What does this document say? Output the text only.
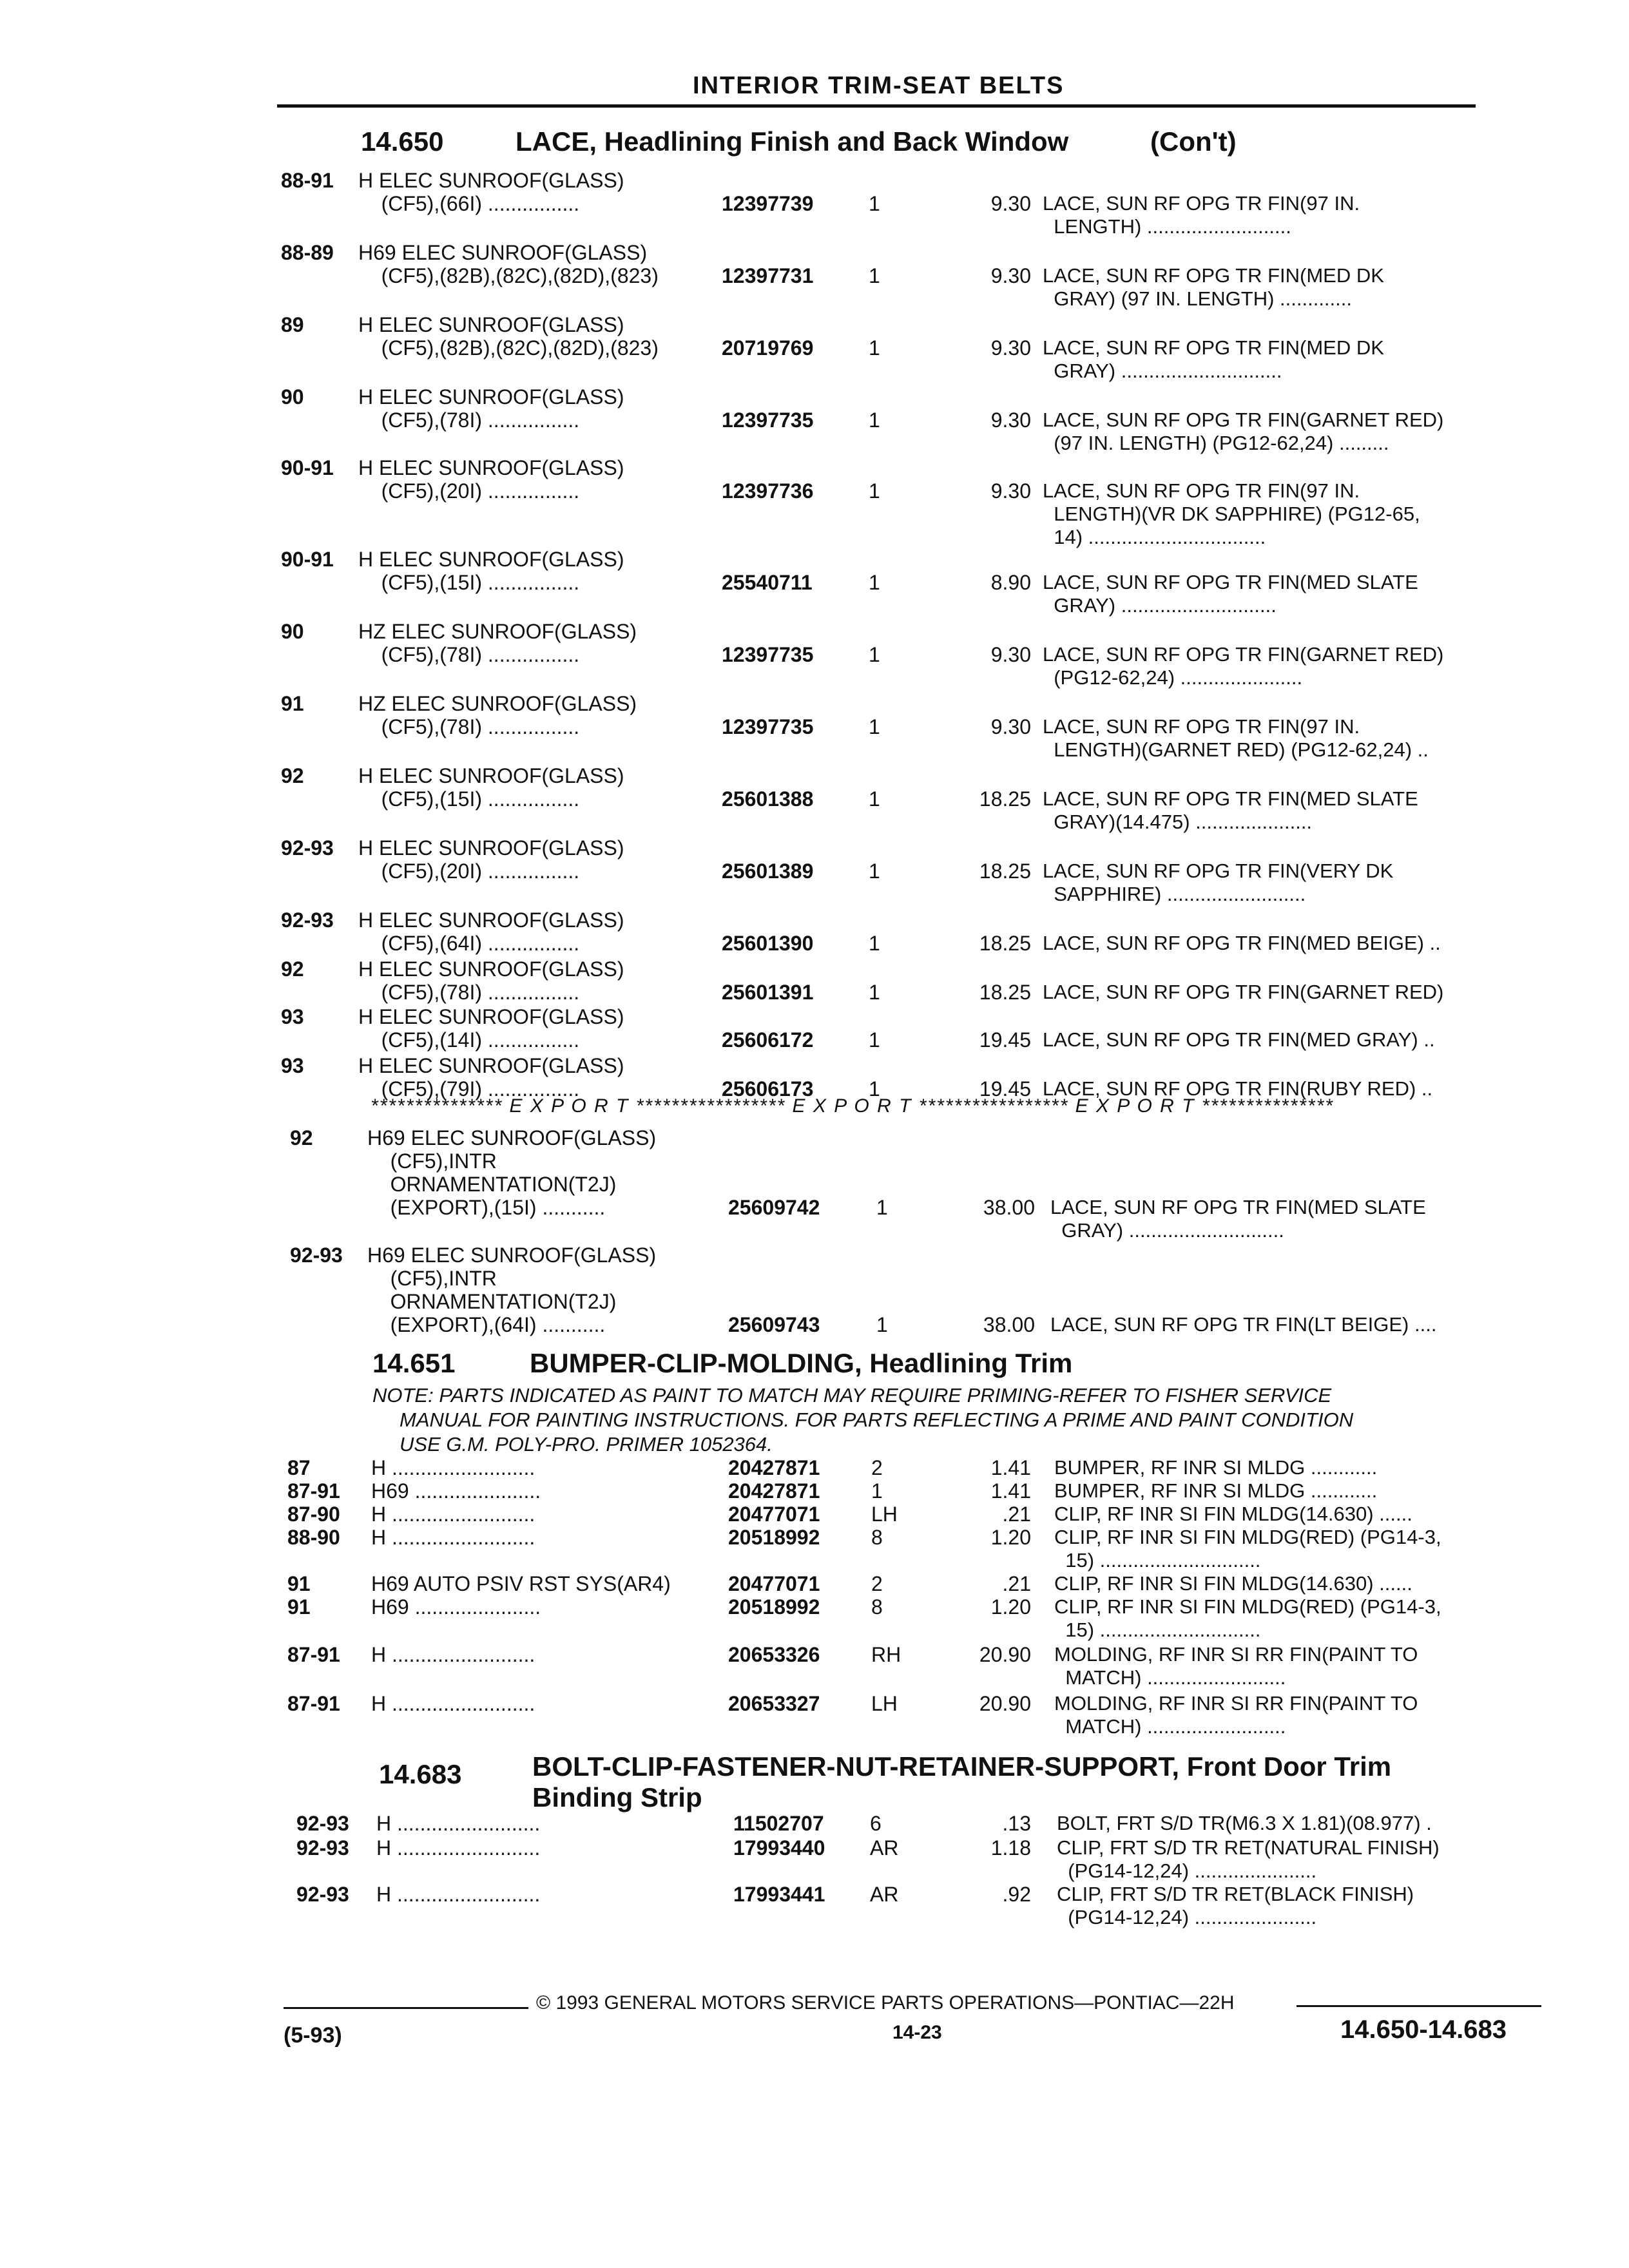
INTERIOR TRIM-SEAT BELTS
14.650	LACE, Headlining Finish and Back Window	(Con't)
88-91 H ELEC SUNROOF(GLASS)
(CF5),(66I) ................	12397739	1	9.30 LACE, SUN RF OPG TR FIN(97 IN.
LENGTH) ..........................
88-89 H69 ELEC SUNROOF(GLASS)
(CF5),(82B),(82C),(82D),(823)	12397731	1	9.30 LACE, SUN RF OPG TR FIN(MED DK
GRAY) (97 IN. LENGTH) .............
89	H ELEC SUNROOF(GLASS)
(CF5),(82B),(82C),(82D),(823)	20719769	1	9.30 LACE, SUN RF OPG TR FIN(MED DK
GRAY) .............................
90	H ELEC SUNROOF(GLASS)
(CF5),(78I) ................	12397735	1	9.30 LACE, SUN RF OPG TR FIN(GARNET RED)
(97 IN. LENGTH) (PG12-62,24) .........
90-91 H ELEC SUNROOF(GLASS)
(CF5),(20I) ................	12397736	1	9.30 LACE, SUN RF OPG TR FIN(97 IN.
LENGTH)(VR DK SAPPHIRE) (PG12-65,
14) ................................
90-91 H ELEC SUNROOF(GLASS)
(CF5),(15I) ................	25540711	1	8.90 LACE, SUN RF OPG TR FIN(MED SLATE
GRAY) ............................
90	HZ ELEC SUNROOF(GLASS)
(CF5),(78I) ................	12397735	1	9.30 LACE, SUN RF OPG TR FIN(GARNET RED)
(PG12-62,24) ......................
91	HZ ELEC SUNROOF(GLASS)
(CF5),(78I) ................	12397735	1	9.30 LACE, SUN RF OPG TR FIN(97 IN.
LENGTH)(GARNET RED) (PG12-62,24) ..
92	H ELEC SUNROOF(GLASS)
(CF5),(15I) ................	25601388	1	18.25 LACE, SUN RF OPG TR FIN(MED SLATE
GRAY)(14.475) .....................
92-93 H ELEC SUNROOF(GLASS)
(CF5),(20I) ................	25601389	1	18.25 LACE, SUN RF OPG TR FIN(VERY DK
SAPPHIRE) .........................
92-93 H ELEC SUNROOF(GLASS)
(CF5),(64I) ................	25601390	1	18.25 LACE, SUN RF OPG TR FIN(MED BEIGE) ..
92	H ELEC SUNROOF(GLASS)
(CF5),(78I) ................	25601391	1	18.25 LACE, SUN RF OPG TR FIN(GARNET RED)
93	H ELEC SUNROOF(GLASS)
(CF5),(14I) ................	25606172	1	19.45 LACE, SUN RF OPG TR FIN(MED GRAY) ..
93	H ELEC SUNROOF(GLASS)
(CF5),(79I) ................	25606173	1	19.45 LACE, SUN RF OPG TR FIN(RUBY RED) ..
*************** E X P O R T ***************** E X P O R T ***************** E X P O R T ***************
92	H69 ELEC SUNROOF(GLASS)
(CF5),INTR
ORNAMENTATION(T2J)
(EXPORT),(15I) ...........	25609742	1	38.00 LACE, SUN RF OPG TR FIN(MED SLATE
GRAY) ............................
92-93 H69 ELEC SUNROOF(GLASS)
(CF5),INTR
ORNAMENTATION(T2J)
(EXPORT),(64I) ...........	25609743	1	38.00 LACE, SUN RF OPG TR FIN(LT BEIGE) ....
14.651	BUMPER-CLIP-MOLDING, Headlining Trim
NOTE: PARTS INDICATED AS PAINT TO MATCH MAY REQUIRE PRIMING-REFER TO FISHER SERVICE
MANUAL FOR PAINTING INSTRUCTIONS. FOR PARTS REFLECTING A PRIME AND PAINT CONDITION
USE G.M. POLY-PRO. PRIMER 1052364.
87	H .........................	20427871 2	1.41 BUMPER, RF INR SI MLDG ............
87-91 H69 ......................	20427871 1	1.41 BUMPER, RF INR SI MLDG ............
87-90 H .........................	20477071 LH	.21 CLIP, RF INR SI FIN MLDG(14.630) ......
88-90 H .........................	20518992 8	1.20 CLIP, RF INR SI FIN MLDG(RED) (PG14-3,
15) .............................
91	H69 AUTO PSIV RST SYS(AR4)	20477071 2	.21 CLIP, RF INR SI FIN MLDG(14.630) ......
91	H69 ......................	20518992 8	1.20 CLIP, RF INR SI FIN MLDG(RED) (PG14-3,
15) .............................
87-91 H .........................	20653326 RH	20.90 MOLDING, RF INR SI RR FIN(PAINT TO
MATCH) .........................
87-91 H .........................	20653327 LH	20.90 MOLDING, RF INR SI RR FIN(PAINT TO
MATCH) .........................
14.683	BOLT-CLIP-FASTENER-NUT-RETAINER-SUPPORT, Front Door Trim
Binding Strip
92-93 H .........................	11502707 6	.13 BOLT, FRT S/D TR(M6.3 X 1.81)(08.977) .
92-93 H .........................	17993440 AR	1.18 CLIP, FRT S/D TR RET(NATURAL FINISH)
(PG14-12,24) ......................
92-93 H .........................	17993441 AR	.92 CLIP, FRT S/D TR RET(BLACK FINISH)
(PG14-12,24) ......................
© 1993 GENERAL MOTORS SERVICE PARTS OPERATIONS—PONTIAC—22H
(5-93)	14-23	14.650-14.683
